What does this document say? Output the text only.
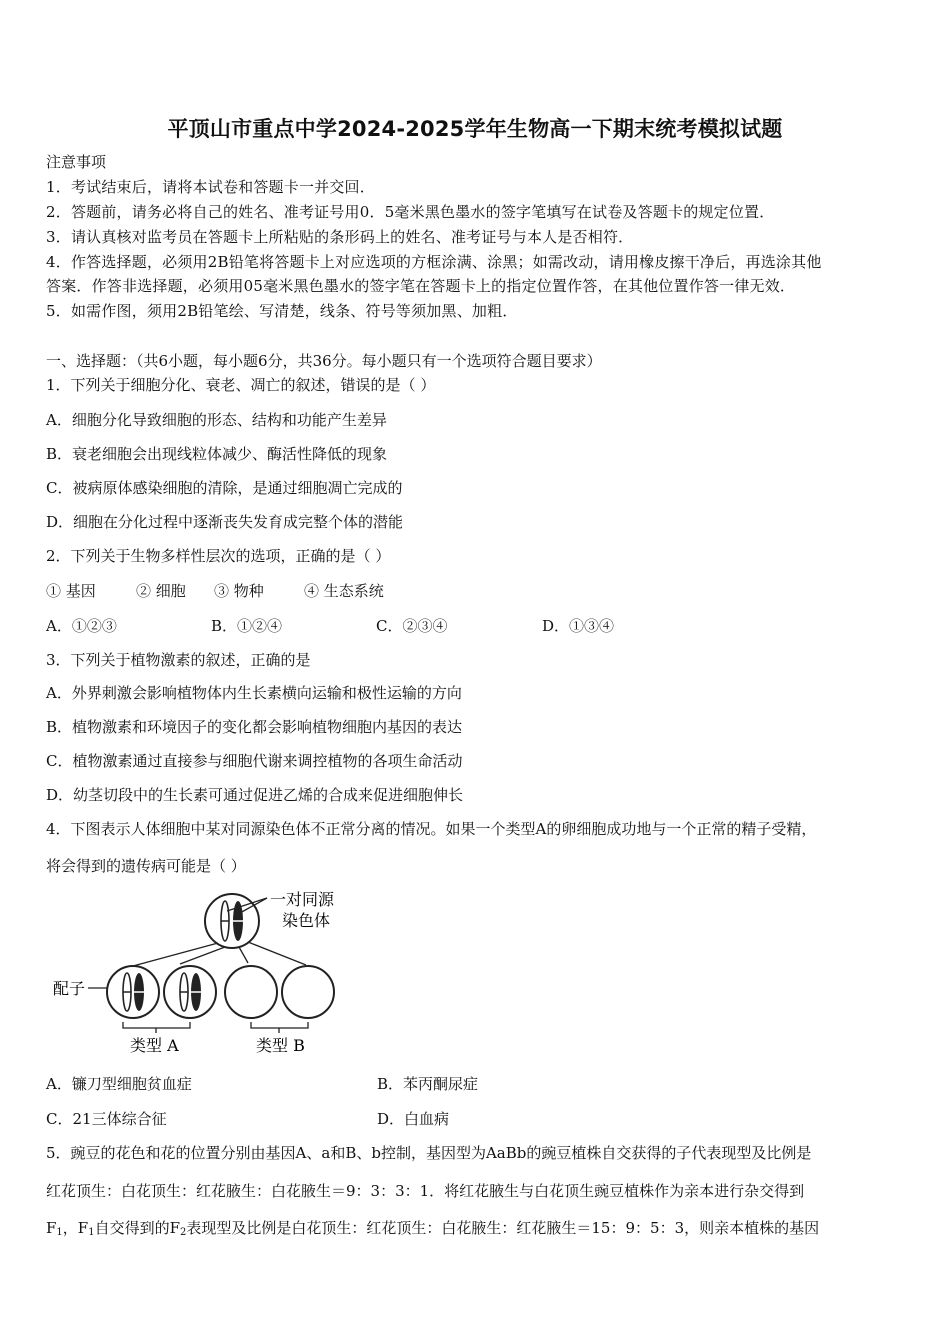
平顶山市重点中学2024-2025学年生物高一下期末统考模拟试题
注意事项
1．考试结束后，请将本试卷和答题卡一并交回．
2．答题前，请务必将自己的姓名、准考证号用0．5毫米黑色墨水的签字笔填写在试卷及答题卡的规定位置．
3．请认真核对监考员在答题卡上所粘贴的条形码上的姓名、准考证号与本人是否相符．
4．作答选择题，必须用2B铅笔将答题卡上对应选项的方框涂满、涂黑；如需改动，请用橡皮擦干净后，再选涂其他
答案．作答非选择题，必须用05毫米黑色墨水的签字笔在答题卡上的指定位置作答，在其他位置作答一律无效．
5．如需作图，须用2B铅笔绘、写清楚，线条、符号等须加黑、加粗．
一、选择题：（共6小题，每小题6分，共36分。每小题只有一个选项符合题目要求）
1．下列关于细胞分化、衰老、凋亡的叙述，错误的是（ ）
A．细胞分化导致细胞的形态、结构和功能产生差异
B．衰老细胞会出现线粒体减少、酶活性降低的现象
C．被病原体感染细胞的清除，是通过细胞凋亡完成的
D．细胞在分化过程中逐渐丧失发育成完整个体的潜能
2．下列关于生物多样性层次的选项，正确的是（ ）
① 基因	② 细胞 ③ 物种	④ 生态系统
A．①②③	B．①②④	C．②③④	D．①③④
3．下列关于植物激素的叙述，正确的是
A．外界刺激会影响植物体内生长素横向运输和极性运输的方向
B．植物激素和环境因子的变化都会影响植物细胞内基因的表达
C．植物激素通过直接参与细胞代谢来调控植物的各项生命活动
D．幼茎切段中的生长素可通过促进乙烯的合成来促进细胞伸长
4．下图表示人体细胞中某对同源染色体不正常分离的情况。如果一个类型A的卵细胞成功地与一个正常的精子受精，
将会得到的遗传病可能是（ ）
一对同源
染色体
配子
类型 A	类型 B
A．镰刀型细胞贫血症	B．苯丙酮尿症
C．21三体综合征	D．白血病
5．豌豆的花色和花的位置分别由基因A、a和B、b控制，基因型为AaBb的豌豆植株自交获得的子代表现型及比例是
红花顶生：白花顶生：红花腋生：白花腋生＝9：3：3：1．将红花腋生与白花顶生豌豆植株作为亲本进行杂交得到
$F_1$，$F_1$自交得到的$F_2$表现型及比例是白花顶生：红花顶生：白花腋生：红花腋生＝15：9：5：3，则亲本植株的基因
